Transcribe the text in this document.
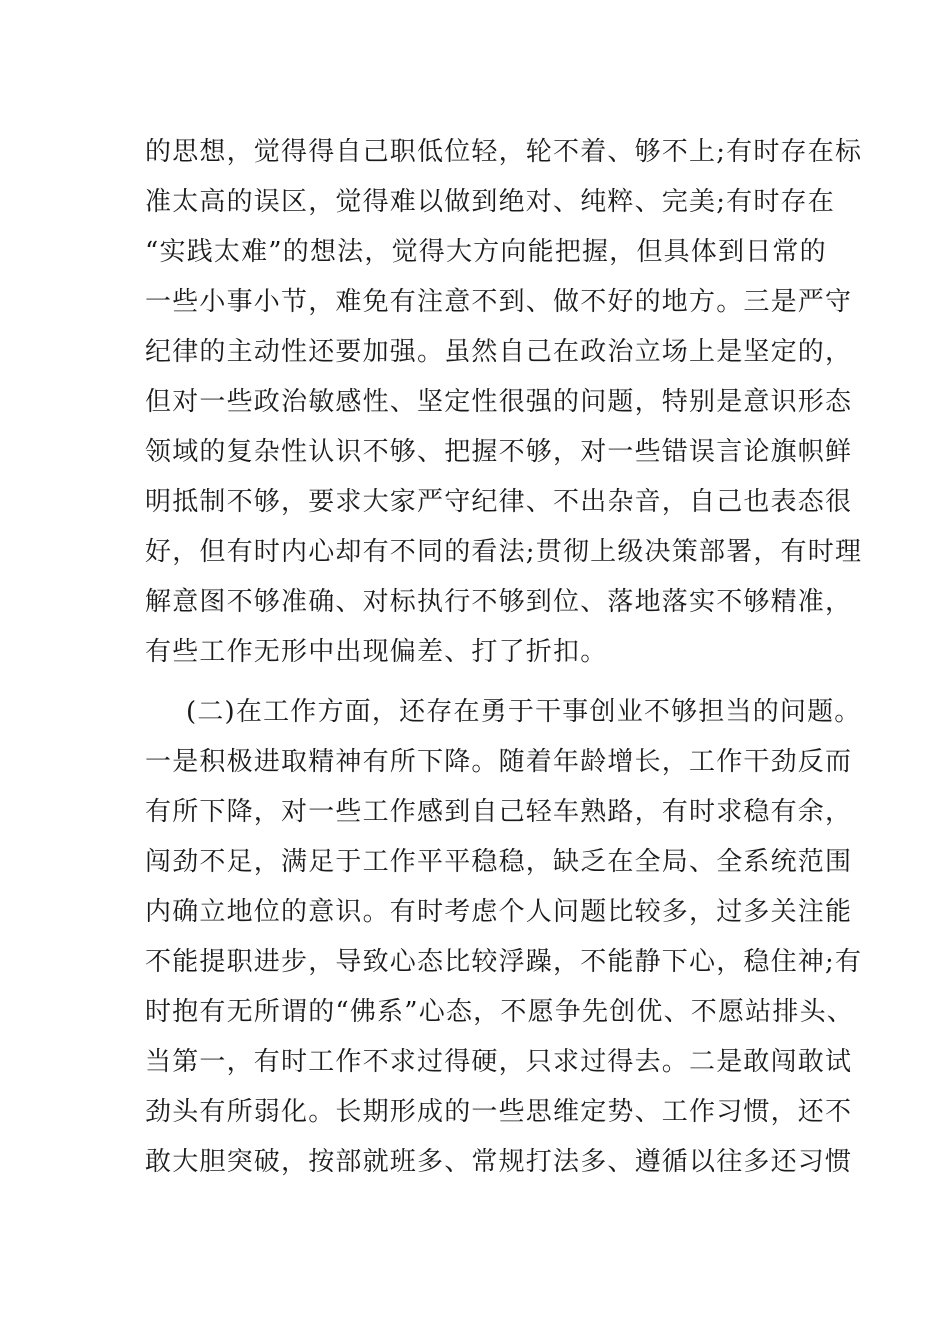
的思想，觉得得自己职低位轻，轮不着、够不上;有时存在标
准太高的误区，觉得难以做到绝对、纯粹、完美;有时存在
“实践太难”的想法，觉得大方向能把握，但具体到日常的
一些小事小节，难免有注意不到、做不好的地方。三是严守
纪律的主动性还要加强。虽然自己在政治立场上是坚定的，
但对一些政治敏感性、坚定性很强的问题，特别是意识形态
领域的复杂性认识不够、把握不够，对一些错误言论旗帜鲜
明抵制不够，要求大家严守纪律、不出杂音，自己也表态很
好，但有时内心却有不同的看法;贯彻上级决策部署，有时理
解意图不够准确、对标执行不够到位、落地落实不够精准，
有些工作无形中出现偏差、打了折扣。
(二)在工作方面，还存在勇于干事创业不够担当的问题。
一是积极进取精神有所下降。随着年龄增长，工作干劲反而
有所下降，对一些工作感到自己轻车熟路，有时求稳有余，
闯劲不足，满足于工作平平稳稳，缺乏在全局、全系统范围
内确立地位的意识。有时考虑个人问题比较多，过多关注能
不能提职进步，导致心态比较浮躁，不能静下心，稳住神;有
时抱有无所谓的“佛系”心态，不愿争先创优、不愿站排头、
当第一，有时工作不求过得硬，只求过得去。二是敢闯敢试
劲头有所弱化。长期形成的一些思维定势、工作习惯，还不
敢大胆突破，按部就班多、常规打法多、遵循以往多还习惯
